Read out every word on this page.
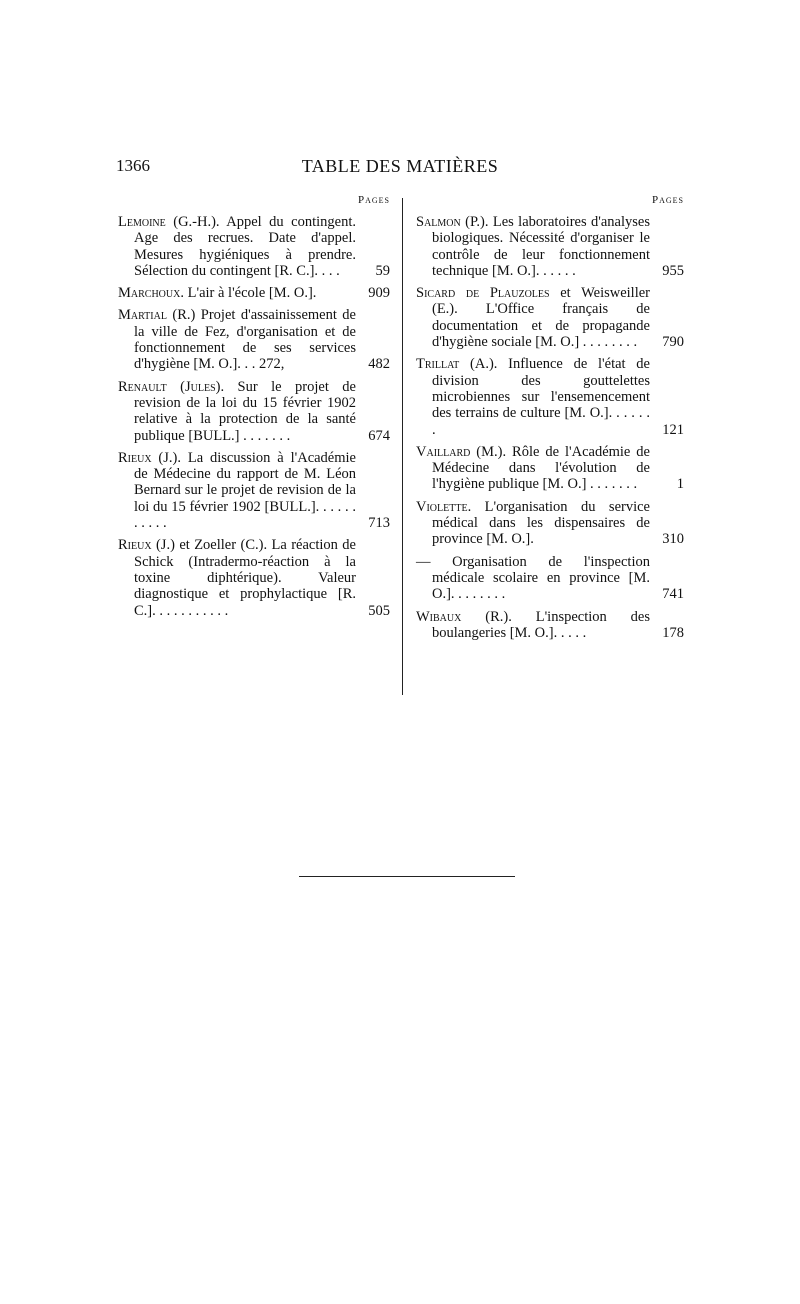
1366	TABLE DES MATIÈRES
Pages
Lemoine (G.-H.). Appel du contingent. Age des recrues. Date d'appel. Mesures hygiéniques à prendre. Sélection du contingent [R. C.]. . . .	59
Marchoux. L'air à l'école [M. O.].	909
Martial (R.) Projet d'assainissement de la ville de Fez, d'organisation et de fonctionnement de ses services d'hygiène [M. O.]. . . 272,	482
Renault (Jules). Sur le projet de revision de la loi du 15 février 1902 relative à la protection de la santé publique [BULL.] . . . . . . .	674
Rieux (J.). La discussion à l'Académie de Médecine du rapport de M. Léon Bernard sur le projet de revision de la loi du 15 février 1902 [BULL.]. . . . . . . . . . .	713
Rieux (J.) et Zoeller (C.). La réaction de Schick (Intradermo-réaction à la toxine diphtérique). Valeur diagnostique et prophylactique [R. C.]. . . . . . . . . . .	505
Pages
Salmon (P.). Les laboratoires d'analyses biologiques. Nécessité d'organiser le contrôle de leur fonctionnement technique [M. O.]. . . . . .	955
Sicard de Plauzoles et Weisweiller (E.). L'Office français de documentation et de propagande d'hygiène sociale [M. O.] . . . . . . . .	790
Trillat (A.). Influence de l'état de division des gouttelettes microbiennes sur l'ensemencement des terrains de culture [M. O.]. . . . . . .	121
Vaillard (M.). Rôle de l'Académie de Médecine dans l'évolution de l'hygiène publique [M. O.] . . . . . . .	1
Violette. L'organisation du service médical dans les dispensaires de province [M. O.].	310
— Organisation de l'inspection médicale scolaire en province [M. O.]. . . . . . . .	741
Wibaux (R.). L'inspection des boulangeries [M. O.]. . . . .	178
